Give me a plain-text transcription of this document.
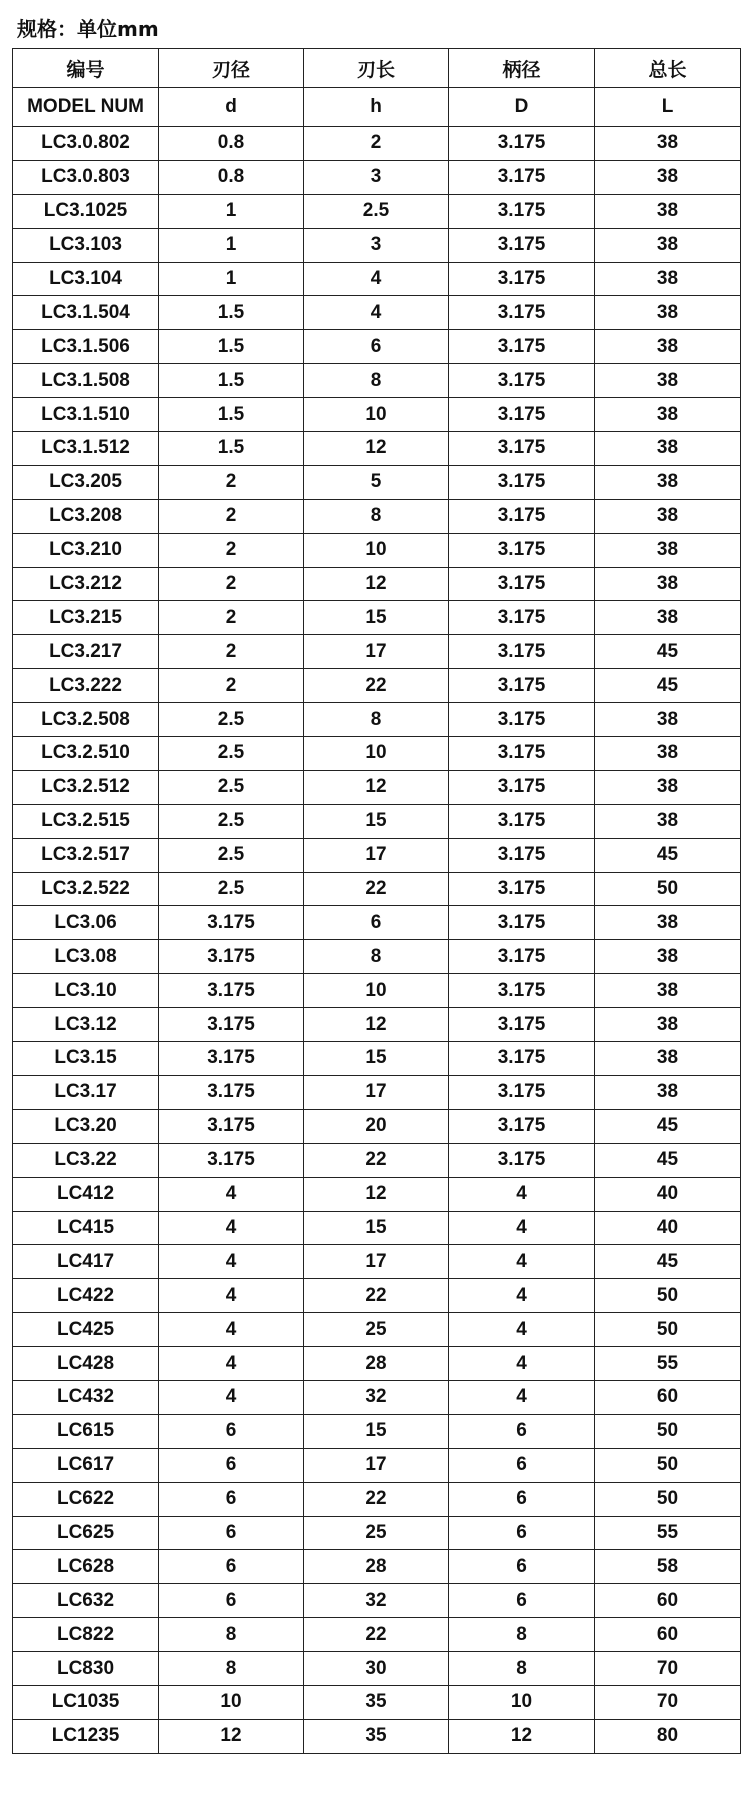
规格：单位mm
编号	刃径	刃长	柄径	总长
MODEL NUM	d	h	D	L
LC3.0.802	0.8	2	3.175	38
LC3.0.803	0.8	3	3.175	38
LC3.1025	1	2.5	3.175	38
LC3.103	1	3	3.175	38
LC3.104	1	4	3.175	38
LC3.1.504	1.5	4	3.175	38
LC3.1.506	1.5	6	3.175	38
LC3.1.508	1.5	8	3.175	38
LC3.1.510	1.5	10	3.175	38
LC3.1.512	1.5	12	3.175	38
LC3.205	2	5	3.175	38
LC3.208	2	8	3.175	38
LC3.210	2	10	3.175	38
LC3.212	2	12	3.175	38
LC3.215	2	15	3.175	38
LC3.217	2	17	3.175	45
LC3.222	2	22	3.175	45
LC3.2.508	2.5	8	3.175	38
LC3.2.510	2.5	10	3.175	38
LC3.2.512	2.5	12	3.175	38
LC3.2.515	2.5	15	3.175	38
LC3.2.517	2.5	17	3.175	45
LC3.2.522	2.5	22	3.175	50
LC3.06	3.175	6	3.175	38
LC3.08	3.175	8	3.175	38
LC3.10	3.175	10	3.175	38
LC3.12	3.175	12	3.175	38
LC3.15	3.175	15	3.175	38
LC3.17	3.175	17	3.175	38
LC3.20	3.175	20	3.175	45
LC3.22	3.175	22	3.175	45
LC412	4	12	4	40
LC415	4	15	4	40
LC417	4	17	4	45
LC422	4	22	4	50
LC425	4	25	4	50
LC428	4	28	4	55
LC432	4	32	4	60
LC615	6	15	6	50
LC617	6	17	6	50
LC622	6	22	6	50
LC625	6	25	6	55
LC628	6	28	6	58
LC632	6	32	6	60
LC822	8	22	8	60
LC830	8	30	8	70
LC1035	10	35	10	70
LC1235	12	35	12	80
